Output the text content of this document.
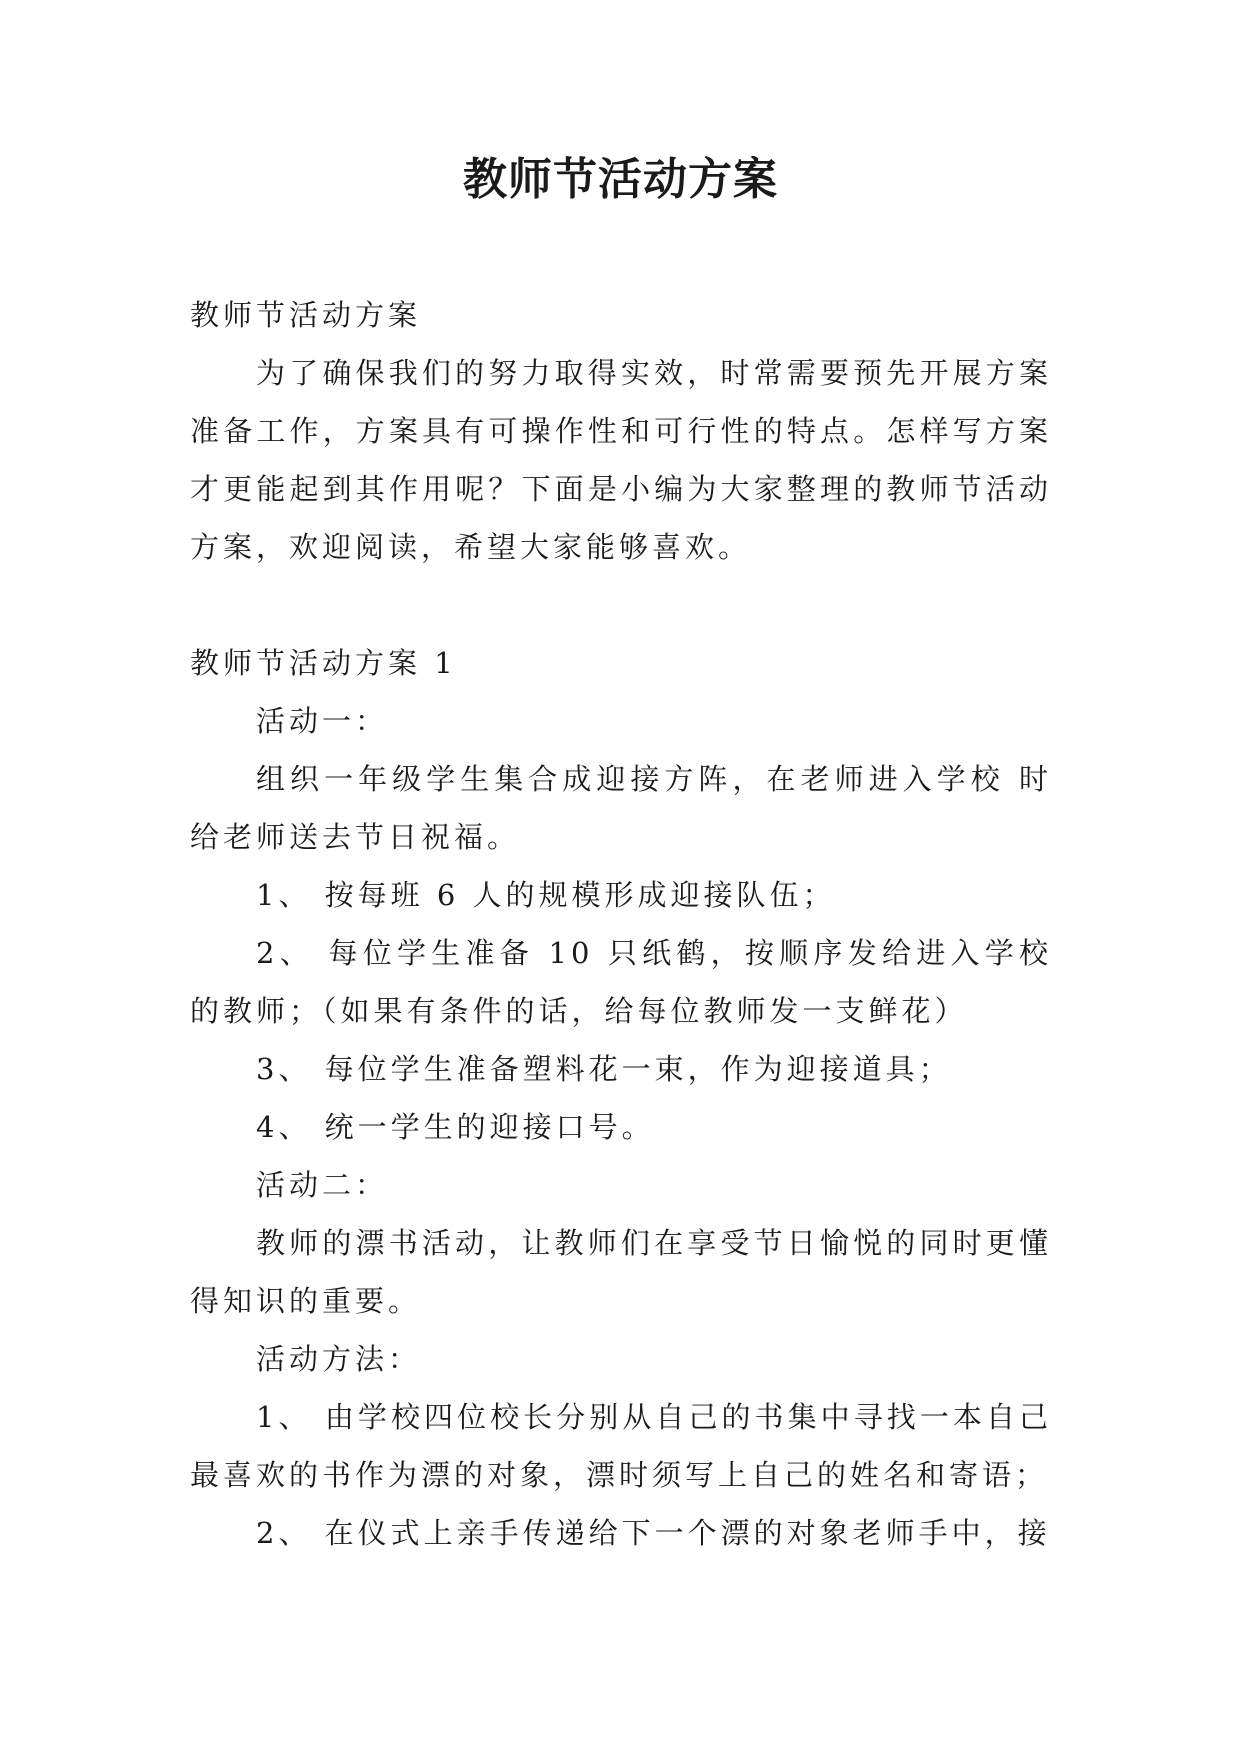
教师节活动方案

教师节活动方案

为了确保我们的努力取得实效，时常需要预先开展方案准备工作，方案具有可操作性和可行性的特点。怎样写方案才更能起到其作用呢？下面是小编为大家整理的教师节活动方案，欢迎阅读，希望大家能够喜欢。

教师节活动方案 1

活动一：

组织一年级学生集合成迎接方阵，在老师进入学校 时给老师送去节日祝福。

1、 按每班 6 人的规模形成迎接队伍；

2、 每位学生准备 10 只纸鹤，按顺序发给进入学校的教师；（如果有条件的话，给每位教师发一支鲜花）

3、 每位学生准备塑料花一束，作为迎接道具；

4、 统一学生的迎接口号。

活动二：

教师的漂书活动，让教师们在享受节日愉悦的同时更懂得知识的重要。

活动方法：

1、 由学校四位校长分别从自己的书集中寻找一本自己最喜欢的书作为漂的对象，漂时须写上自己的姓名和寄语；

2、 在仪式上亲手传递给下一个漂的对象老师手中，接
